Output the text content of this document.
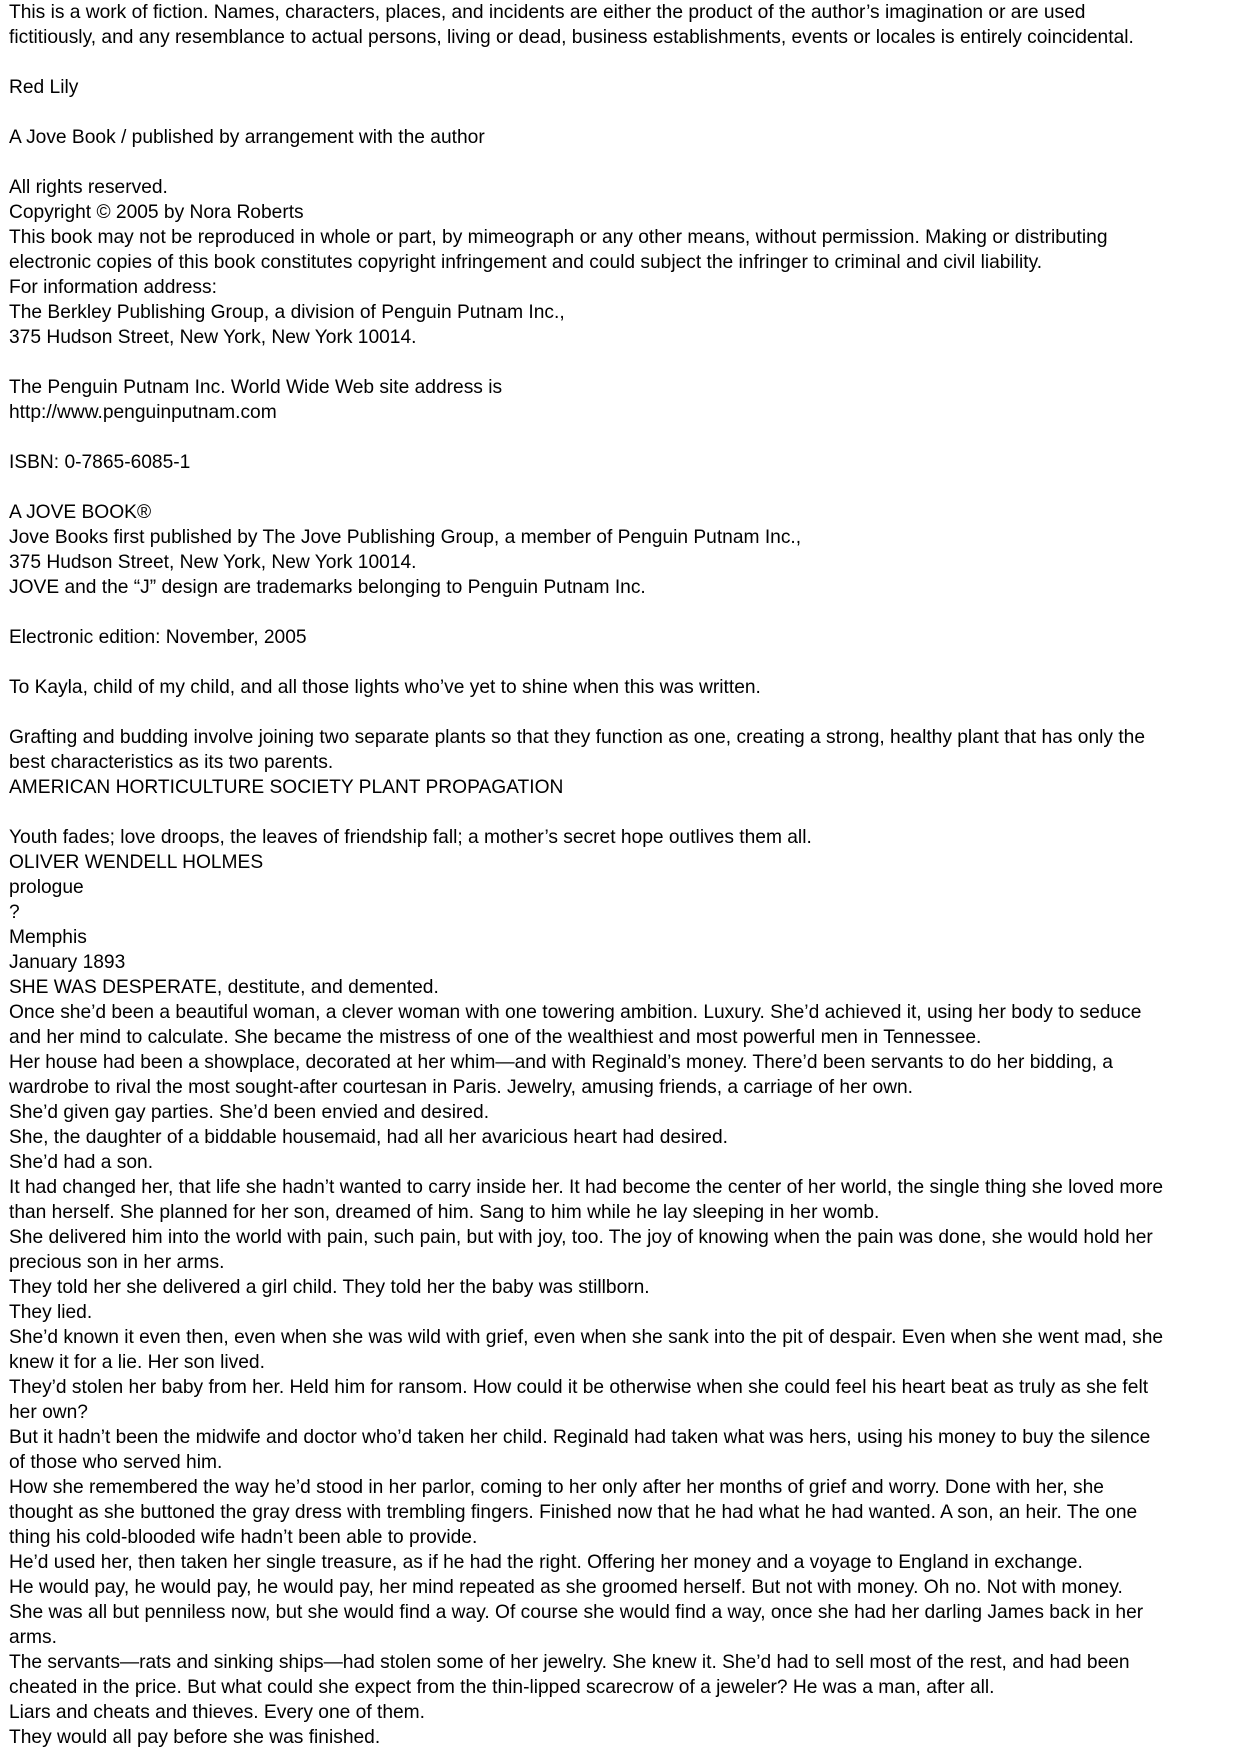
This is a work of fiction. Names, characters, places, and incidents are either the product of the author’s imagination or are used
fictitiously, and any resemblance to actual persons, living or dead, business establishments, events or locales is entirely coincidental.
Red Lily
A Jove Book / published by arrangement with the author
All rights reserved.
Copyright © 2005 by Nora Roberts
This book may not be reproduced in whole or part, by mimeograph or any other means, without permission. Making or distributing
electronic copies of this book constitutes copyright infringement and could subject the infringer to criminal and civil liability.
For information address:
The Berkley Publishing Group, a division of Penguin Putnam Inc.,
375 Hudson Street, New York, New York 10014.
The Penguin Putnam Inc. World Wide Web site address is
http://www.penguinputnam.com
ISBN: 0-7865-6085-1
A JOVE BOOK®
Jove Books first published by The Jove Publishing Group, a member of Penguin Putnam Inc.,
375 Hudson Street, New York, New York 10014.
JOVE and the “J” design are trademarks belonging to Penguin Putnam Inc.
Electronic edition: November, 2005
To Kayla, child of my child, and all those lights who’ve yet to shine when this was written.
Grafting and budding involve joining two separate plants so that they function as one, creating a strong, healthy plant that has only the
best characteristics as its two parents.
AMERICAN HORTICULTURE SOCIETY PLANT PROPAGATION
Youth fades; love droops, the leaves of friendship fall; a mother’s secret hope outlives them all.
OLIVER WENDELL HOLMES
prologue
?
Memphis
January 1893
SHE WAS DESPERATE, destitute, and demented.
Once she’d been a beautiful woman, a clever woman with one towering ambition. Luxury. She’d achieved it, using her body to seduce
and her mind to calculate. She became the mistress of one of the wealthiest and most powerful men in Tennessee.
Her house had been a showplace, decorated at her whim—and with Reginald’s money. There’d been servants to do her bidding, a
wardrobe to rival the most sought-after courtesan in Paris. Jewelry, amusing friends, a carriage of her own.
She’d given gay parties. She’d been envied and desired.
She, the daughter of a biddable housemaid, had all her avaricious heart had desired.
She’d had a son.
It had changed her, that life she hadn’t wanted to carry inside her. It had become the center of her world, the single thing she loved more
than herself. She planned for her son, dreamed of him. Sang to him while he lay sleeping in her womb.
She delivered him into the world with pain, such pain, but with joy, too. The joy of knowing when the pain was done, she would hold her
precious son in her arms.
They told her she delivered a girl child. They told her the baby was stillborn.
They lied.
She’d known it even then, even when she was wild with grief, even when she sank into the pit of despair. Even when she went mad, she
knew it for a lie. Her son lived.
They’d stolen her baby from her. Held him for ransom. How could it be otherwise when she could feel his heart beat as truly as she felt
her own?
But it hadn’t been the midwife and doctor who’d taken her child. Reginald had taken what was hers, using his money to buy the silence
of those who served him.
How she remembered the way he’d stood in her parlor, coming to her only after her months of grief and worry. Done with her, she
thought as she buttoned the gray dress with trembling fingers. Finished now that he had what he had wanted. A son, an heir. The one
thing his cold-blooded wife hadn’t been able to provide.
He’d used her, then taken her single treasure, as if he had the right. Offering her money and a voyage to England in exchange.
He would pay, he would pay, he would pay, her mind repeated as she groomed herself. But not with money. Oh no. Not with money.
She was all but penniless now, but she would find a way. Of course she would find a way, once she had her darling James back in her
arms.
The servants—rats and sinking ships—had stolen some of her jewelry. She knew it. She’d had to sell most of the rest, and had been
cheated in the price. But what could she expect from the thin-lipped scarecrow of a jeweler? He was a man, after all.
Liars and cheats and thieves. Every one of them.
They would all pay before she was finished.
